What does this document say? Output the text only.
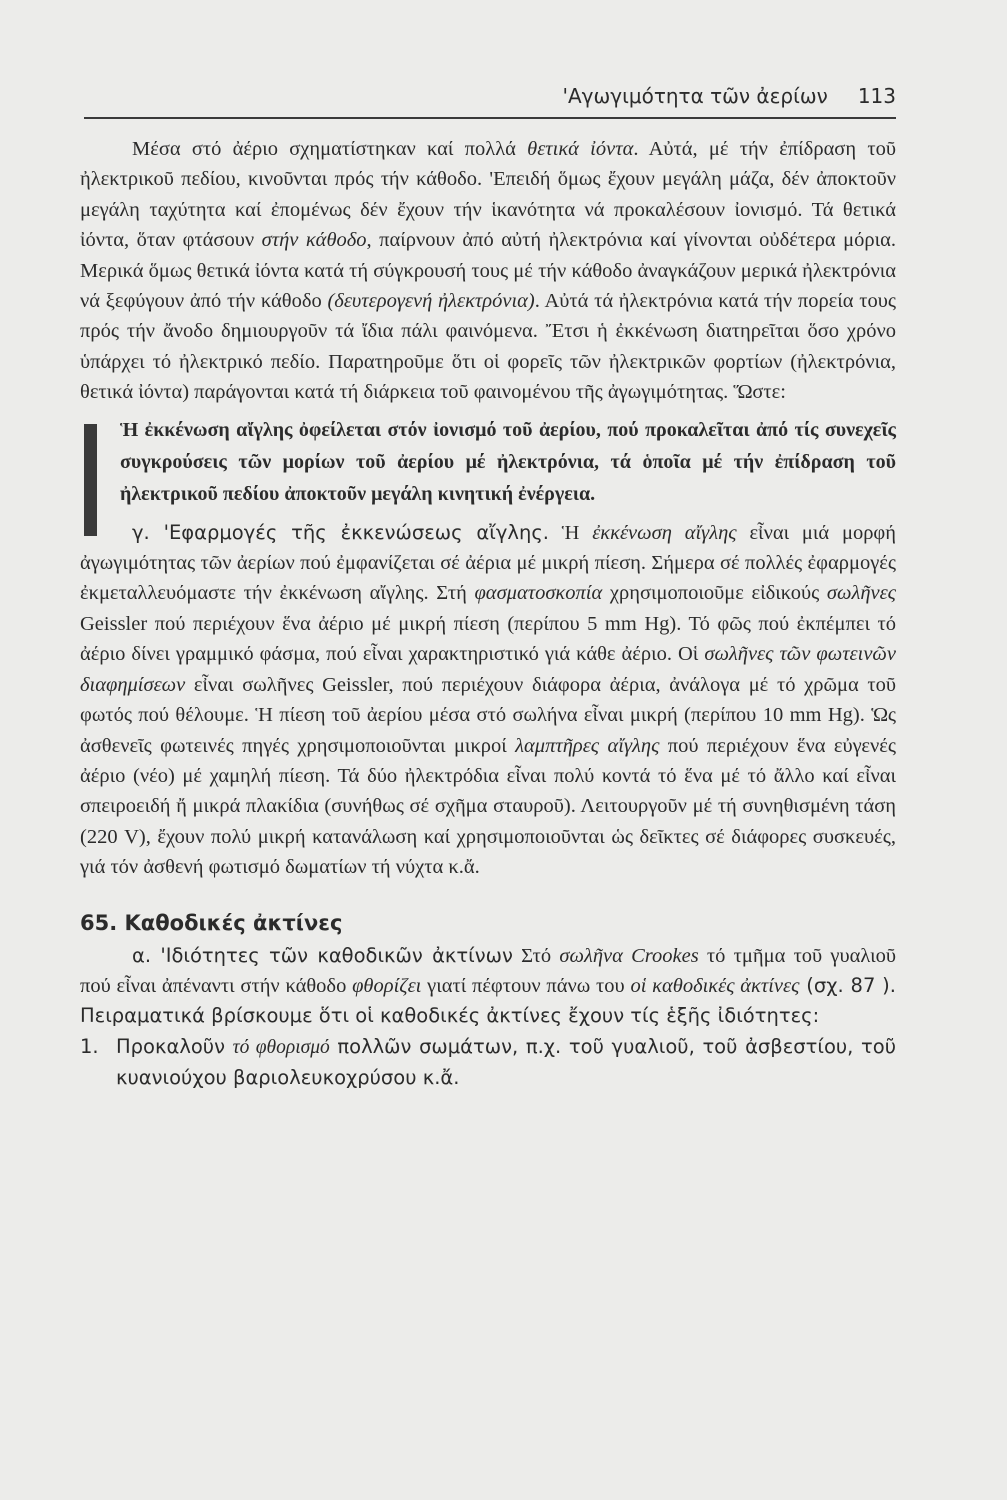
'Αγωγιμότητα τῶν ἀερίων 113

Μέσα στό ἀέριο σχηματίστηκαν καί πολλά θετικά ἰόντα. Αὐτά, μέ τήν ἐπίδραση τοῦ ἠλεκτρικοῦ πεδίου, κινοῦνται πρός τήν κάθοδο. 'Επειδή ὅμως ἔχουν μεγάλη μάζα, δέν ἀποκτοῦν μεγάλη ταχύτητα καί ἐπομένως δέν ἔχουν τήν ἱκανότητα νά προκαλέσουν ἰονισμό. Τά θετικά ἰόντα, ὅταν φτάσουν στήν κάθοδο, παίρνουν ἀπό αὐτή ἠλεκτρόνια καί γίνονται οὐδέτερα μόρια. Μερικά ὅμως θετικά ἰόντα κατά τή σύγκρουσή τους μέ τήν κάθοδο ἀναγκάζουν μερικά ἠλεκτρόνια νά ξεφύγουν ἀπό τήν κάθοδο (δευτερογενή ἠλεκτρόνια). Αὐτά τά ἠλεκτρόνια κατά τήν πορεία τους πρός τήν ἄνοδο δημιουργοῦν τά ἴδια πάλι φαινόμενα. Ἔτσι ἡ ἐκκένωση διατηρεῖται ὅσο χρόνο ὑπάρχει τό ἠλεκτρικό πεδίο. Παρατηροῦμε ὅτι οἱ φορεῖς τῶν ἠλεκτρικῶν φορτίων (ἠλεκτρόνια, θετικά ἰόντα) παράγονται κατά τή διάρκεια τοῦ φαινομένου τῆς ἀγωγιμότητας. Ὥστε:

Ἡ ἐκκένωση αἴγλης ὀφείλεται στόν ἰονισμό τοῦ ἀερίου, πού προκαλεῖται ἀπό τίς συνεχεῖς συγκρούσεις τῶν μορίων τοῦ ἀερίου μέ ἠλεκτρόνια, τά ὁποῖα μέ τήν ἐπίδραση τοῦ ἠλεκτρικοῦ πεδίου ἀποκτοῦν μεγάλη κινητική ἐνέργεια.

γ. 'Εφαρμογές τῆς ἐκκενώσεως αἴγλης. Ἡ ἐκκένωση αἴγλης εἶναι μιά μορφή ἀγωγιμότητας τῶν ἀερίων πού ἐμφανίζεται σέ ἀέρια μέ μικρή πίεση. Σήμερα σέ πολλές ἐφαρμογές ἐκμεταλλευόμαστε τήν ἐκκένωση αἴγλης. Στή φασματοσκοπία χρησιμοποιοῦμε εἰδικούς σωλῆνες Geissler πού περιέχουν ἕνα ἀέριο μέ μικρή πίεση (περίπου 5 mm Hg). Τό φῶς πού ἐκπέμπει τό ἀέριο δίνει γραμμικό φάσμα, πού εἶναι χαρακτηριστικό γιά κάθε ἀέριο. Οἱ σωλῆνες τῶν φωτεινῶν διαφημίσεων εἶναι σωλῆνες Geissler, πού περιέχουν διάφορα ἀέρια, ἀνάλογα μέ τό χρῶμα τοῦ φωτός πού θέλουμε. Ἡ πίεση τοῦ ἀερίου μέσα στό σωλήνα εἶναι μικρή (περίπου 10 mm Hg). Ὡς ἀσθενεῖς φωτεινές πηγές χρησιμοποιοῦνται μικροί λαμπτῆρες αἴγλης πού περιέχουν ἕνα εὐγενές ἀέριο (νέο) μέ χαμηλή πίεση. Τά δύο ἠλεκτρόδια εἶναι πολύ κοντά τό ἕνα μέ τό ἄλλο καί εἶναι σπειροειδή ἤ μικρά πλακίδια (συνήθως σέ σχῆμα σταυροῦ). Λειτουργοῦν μέ τή συνηθισμένη τάση (220 V), ἔχουν πολύ μικρή κατανάλωση καί χρησιμοποιοῦνται ὡς δεῖκτες σέ διάφορες συσκευές, γιά τόν ἀσθενή φωτισμό δωματίων τή νύχτα κ.ἄ.

65. Καθοδικές ἀκτίνες

α. 'Ιδιότητες τῶν καθοδικῶν ἀκτίνων Στό σωλῆνα Crookes τό τμῆμα τοῦ γυαλιοῦ πού εἶναι ἀπέναντι στήν κάθοδο φθορίζει γιατί πέφτουν πάνω του οἱ καθοδικές ἀκτίνες (σχ. 87 ). Πειραματικά βρίσκουμε ὅτι οἱ καθοδικές ἀκτίνες ἔχουν τίς ἑξῆς ἰδιότητες:

1. Προκαλοῦν τό φθορισμό πολλῶν σωμάτων, π.χ. τοῦ γυαλιοῦ, τοῦ ἀσβεστίου, τοῦ κυανιούχου βαριολευκοχρύσου κ.ἄ.
